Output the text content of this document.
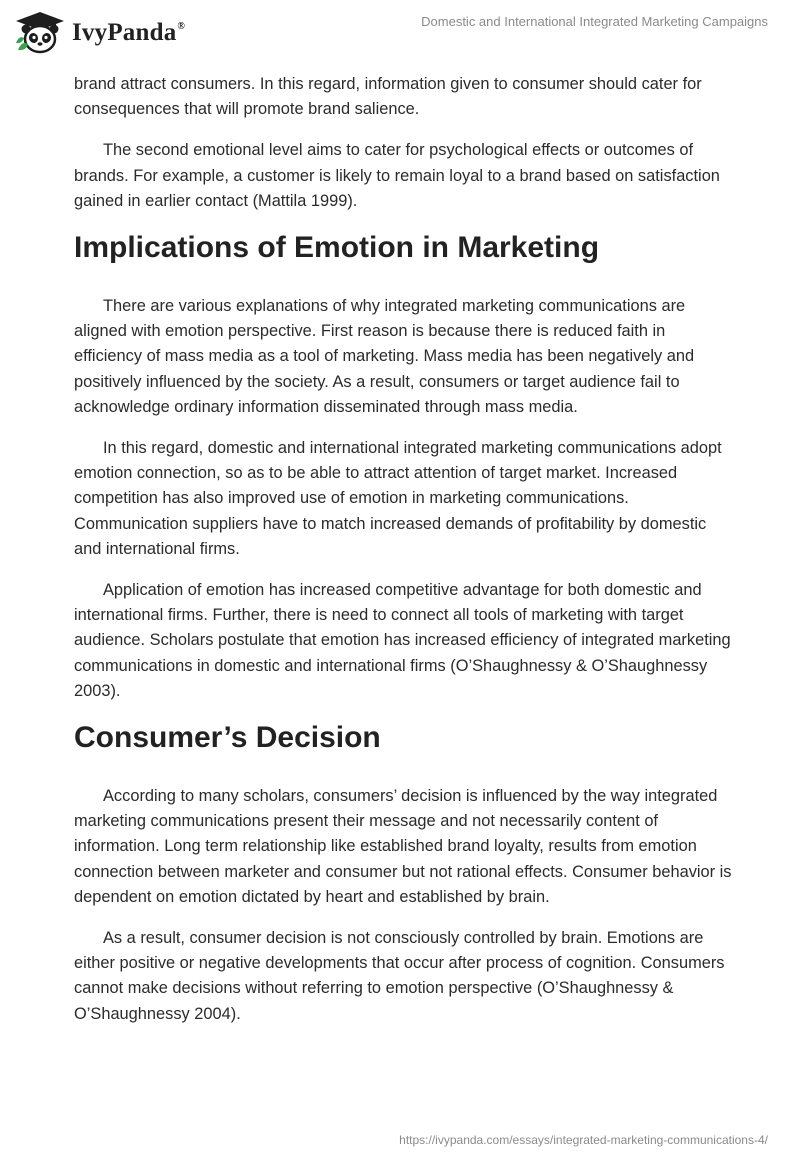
IvyPanda®	Domestic and International Integrated Marketing Campaigns

brand attract consumers. In this regard, information given to consumer should cater for consequences that will promote brand salience.

The second emotional level aims to cater for psychological effects or outcomes of brands. For example, a customer is likely to remain loyal to a brand based on satisfaction gained in earlier contact (Mattila 1999).

Implications of Emotion in Marketing

There are various explanations of why integrated marketing communications are aligned with emotion perspective. First reason is because there is reduced faith in efficiency of mass media as a tool of marketing. Mass media has been negatively and positively influenced by the society. As a result, consumers or target audience fail to acknowledge ordinary information disseminated through mass media.

In this regard, domestic and international integrated marketing communications adopt emotion connection, so as to be able to attract attention of target market. Increased competition has also improved use of emotion in marketing communications. Communication suppliers have to match increased demands of profitability by domestic and international firms.

Application of emotion has increased competitive advantage for both domestic and international firms. Further, there is need to connect all tools of marketing with target audience. Scholars postulate that emotion has increased efficiency of integrated marketing communications in domestic and international firms (O’Shaughnessy & O’Shaughnessy 2003).

Consumer’s Decision

According to many scholars, consumers’ decision is influenced by the way integrated marketing communications present their message and not necessarily content of information. Long term relationship like established brand loyalty, results from emotion connection between marketer and consumer but not rational effects. Consumer behavior is dependent on emotion dictated by heart and established by brain.

As a result, consumer decision is not consciously controlled by brain. Emotions are either positive or negative developments that occur after process of cognition. Consumers cannot make decisions without referring to emotion perspective (O’Shaughnessy & O’Shaughnessy 2004).

https://ivypanda.com/essays/integrated-marketing-communications-4/
